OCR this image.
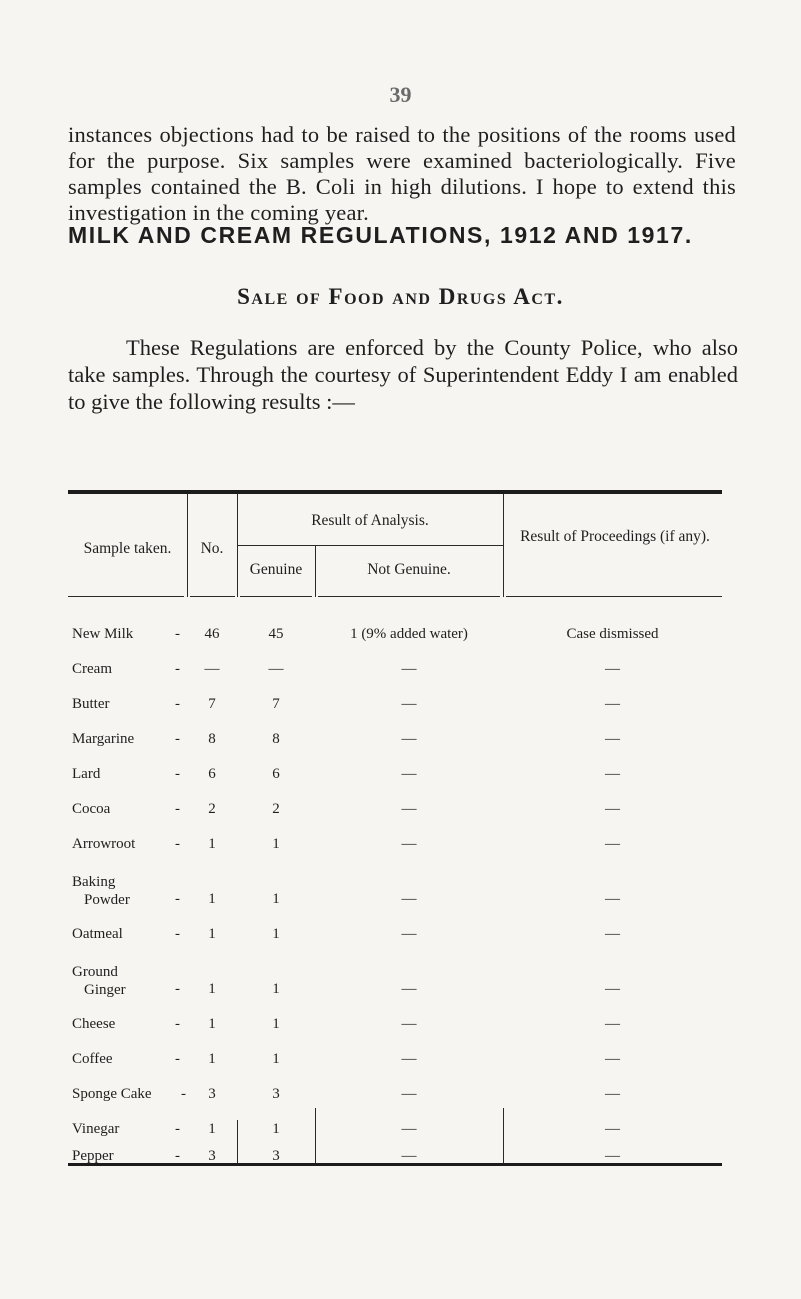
39

instances objections had to be raised to the positions of the rooms used for the purpose. Six samples were examined bacteriologically. Five samples contained the B. Coli in high dilutions. I hope to extend this investigation in the coming year.

MILK AND CREAM REGULATIONS, 1912 AND 1917.
Sale of Food and Drugs Act.

These Regulations are enforced by the County Police, who also take samples. Through the courtesy of Superintendent Eddy I am enabled to give the following results :—

Sample taken.	No.
Result of Analysis.
Genuine	Not Genuine.
Result of Proceedings (if any).
New Milk	-	46	45	1 (9% added water)	Case dismissed
Cream	-	—	—	—	—
Butter	-	7	7	—	—
Margarine	-	8	8	—	—
Lard	-	6	6	—	—
Cocoa	-	2	2	—	—
Arrowroot	-	1	1	—	—
Baking
Powder	-	1	1	—	—
Oatmeal	-	1	1	—	—
Ground
Ginger	-	1	1	—	—
Cheese	-	1	1	—	—
Coffee	-	1	1	—	—
Sponge Cake -	3	3	—	—
Vinegar	-	1	1	—	—
Pepper	-	3	3	—	—
